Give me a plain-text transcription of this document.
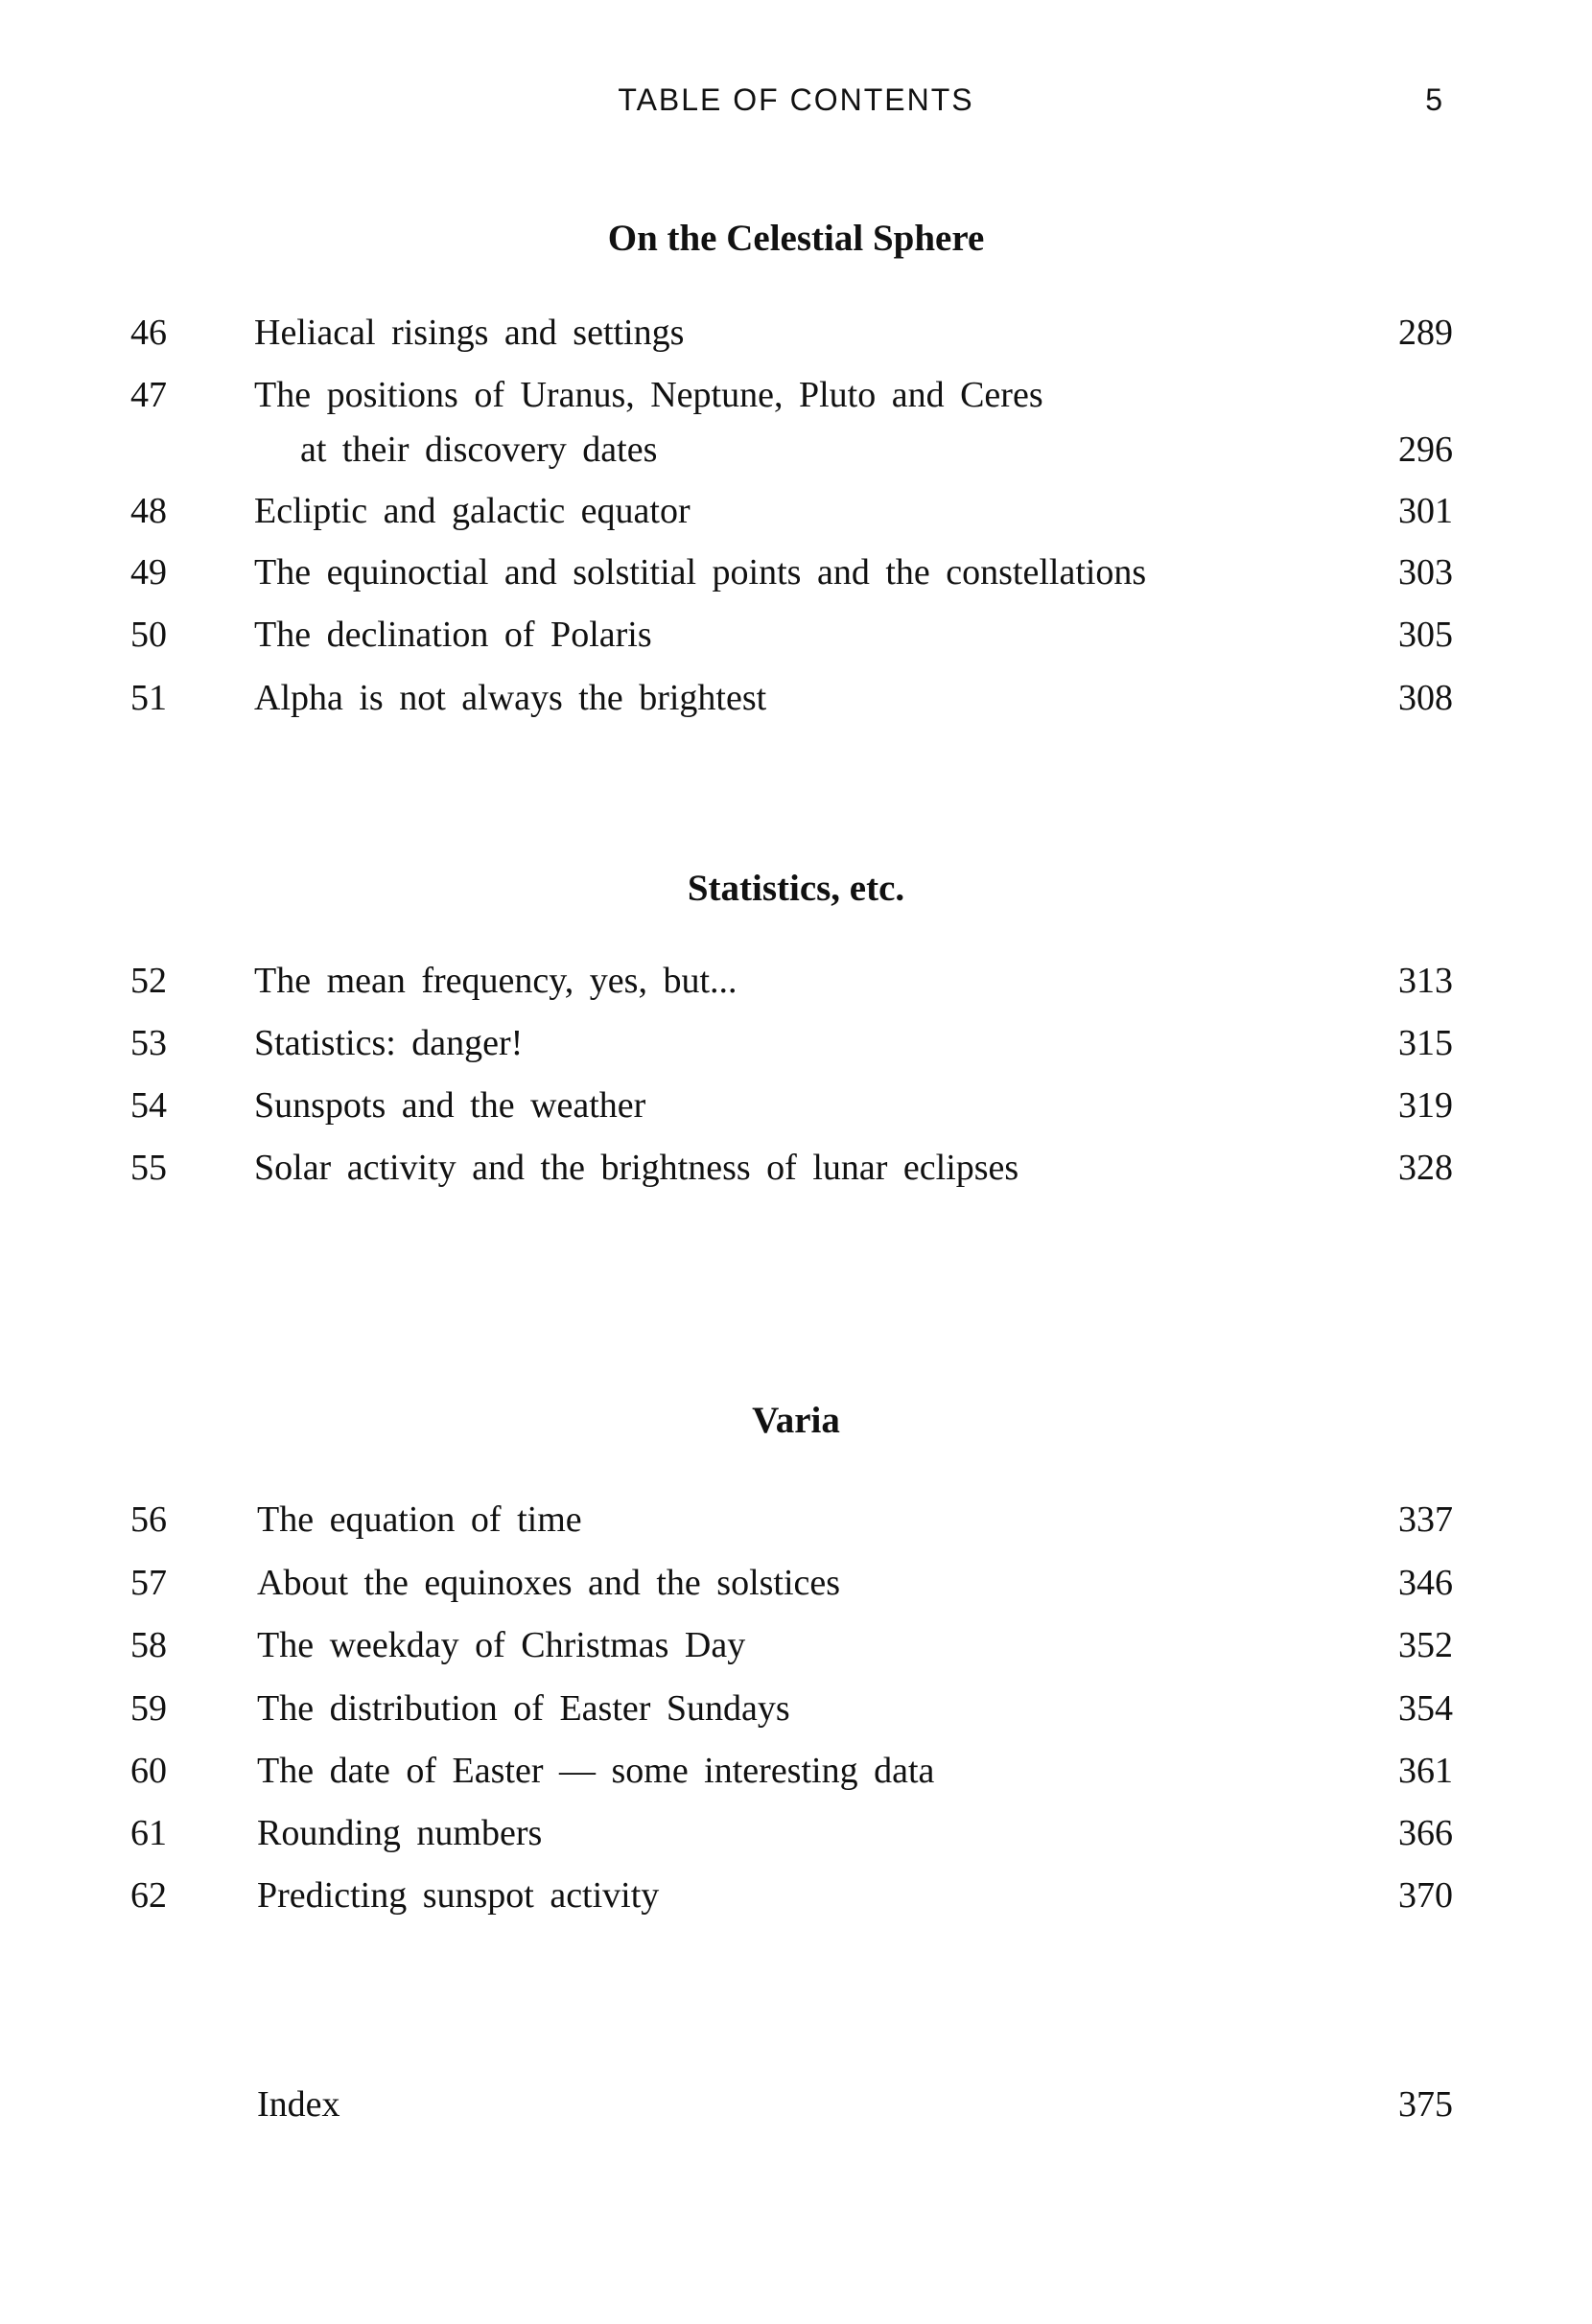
TABLE OF CONTENTS	5
On the Celestial Sphere
46	Heliacal risings and settings . . .	289
47	The positions of Uranus, Neptune, Pluto and Ceres
at their discovery dates . . .	296
48	Ecliptic and galactic equator . . .	301
49	The equinoctial and solstitial points and the constellations . . .	303
50	The declination of Polaris . . .	305
51	Alpha is not always the brightest . . .	308
Statistics, etc.
52	The mean frequency, yes, but... . . .	313
53	Statistics: danger! . . .	315
54	Sunspots and the weather . . .	319
55	Solar activity and the brightness of lunar eclipses . . .	328
Varia
56	The equation of time . . .	337
57	About the equinoxes and the solstices . . .	346
58	The weekday of Christmas Day . . .	352
59	The distribution of Easter Sundays . . .	354
60	The date of Easter — some interesting data . . .	361
61	Rounding numbers . . .	366
62	Predicting sunspot activity . . .	370
Index . . .	375
